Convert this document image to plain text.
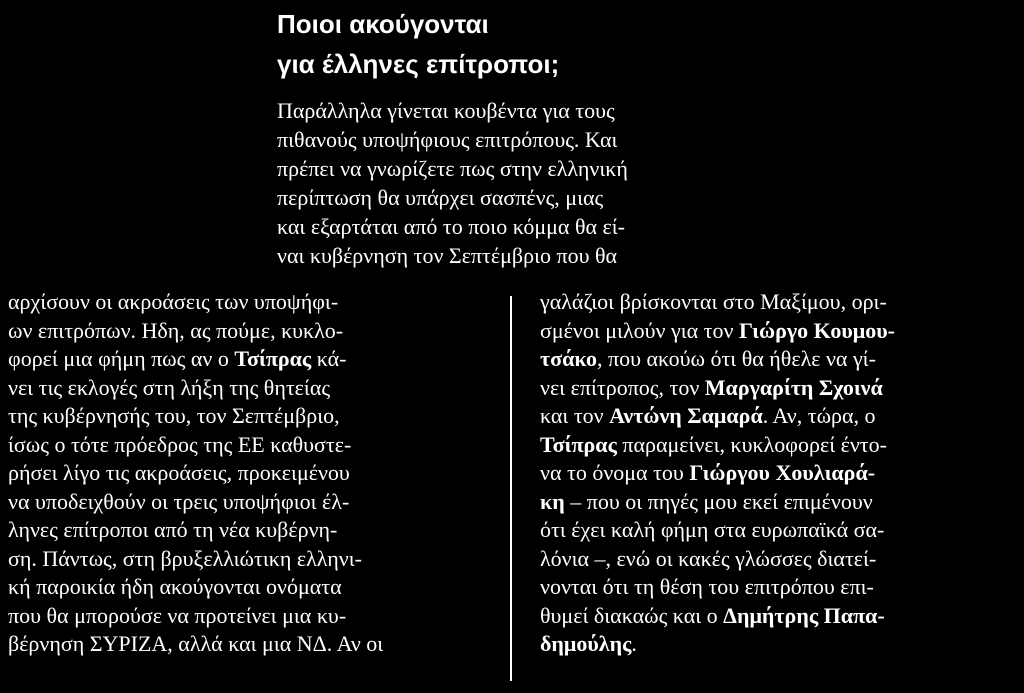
Ποιοι ακούγονται
για έλληνες επίτροποι;
Παράλληλα γίνεται κουβέντα για τους
πιθανούς υποψήφιους επιτρόπους. Και
πρέπει να γνωρίζετε πως στην ελληνική
περίπτωση θα υπάρχει σασπένς, μιας
και εξαρτάται από το ποιο κόμμα θα εί-
ναι κυβέρνηση τον Σεπτέμβριο που θα
αρχίσουν οι ακροάσεις των υποψήφι-
ων επιτρόπων. Ηδη, ας πούμε, κυκλο-
φορεί μια φήμη πως αν ο Τσίπρας κά-
νει τις εκλογές στη λήξη της θητείας
της κυβέρνησής του, τον Σεπτέμβριο,
ίσως ο τότε πρόεδρος της ΕΕ καθυστε-
ρήσει λίγο τις ακροάσεις, προκειμένου
να υποδειχθούν οι τρεις υποψήφιοι έλ-
ληνες επίτροποι από τη νέα κυβέρνη-
ση. Πάντως, στη βρυξελλιώτικη ελληνι-
κή παροικία ήδη ακούγονται ονόματα
που θα μπορούσε να προτείνει μια κυ-
βέρνηση ΣΥΡΙΖΑ, αλλά και μια ΝΔ. Αν οι
γαλάζιοι βρίσκονται στο Μαξίμου, ορι-
σμένοι μιλούν για τον Γιώργο Κουμου-
τσάκο, που ακούω ότι θα ήθελε να γί-
νει επίτροπος, τον Μαργαρίτη Σχοινά
και τον Αντώνη Σαμαρά. Αν, τώρα, ο
Τσίπρας παραμείνει, κυκλοφορεί έντο-
να το όνομα του Γιώργου Χουλιαρά-
κη – που οι πηγές μου εκεί επιμένουν
ότι έχει καλή φήμη στα ευρωπαϊκά σα-
λόνια –, ενώ οι κακές γλώσσες διατεί-
νονται ότι τη θέση του επιτρόπου επι-
θυμεί διακαώς και ο Δημήτρης Παπα-
δημούλης.
